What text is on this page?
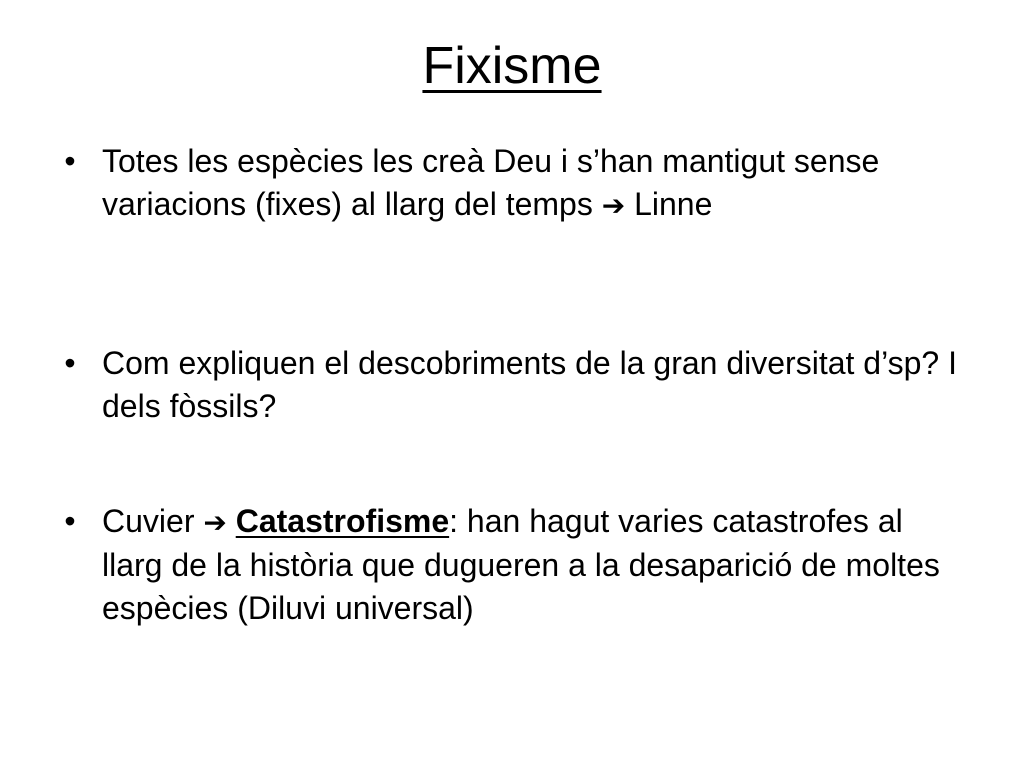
Fixisme
• Totes les espècies les creà Deu i s’han mantigut sense variacions (fixes) al llarg del temps ➔ Linne
• Com expliquen el descobriments de la gran diversitat d’sp? I dels fòssils?
• Cuvier ➔ Catastrofisme: han hagut varies catastrofes al llarg de la història que dugueren a la desaparició de moltes espècies (Diluvi universal)
